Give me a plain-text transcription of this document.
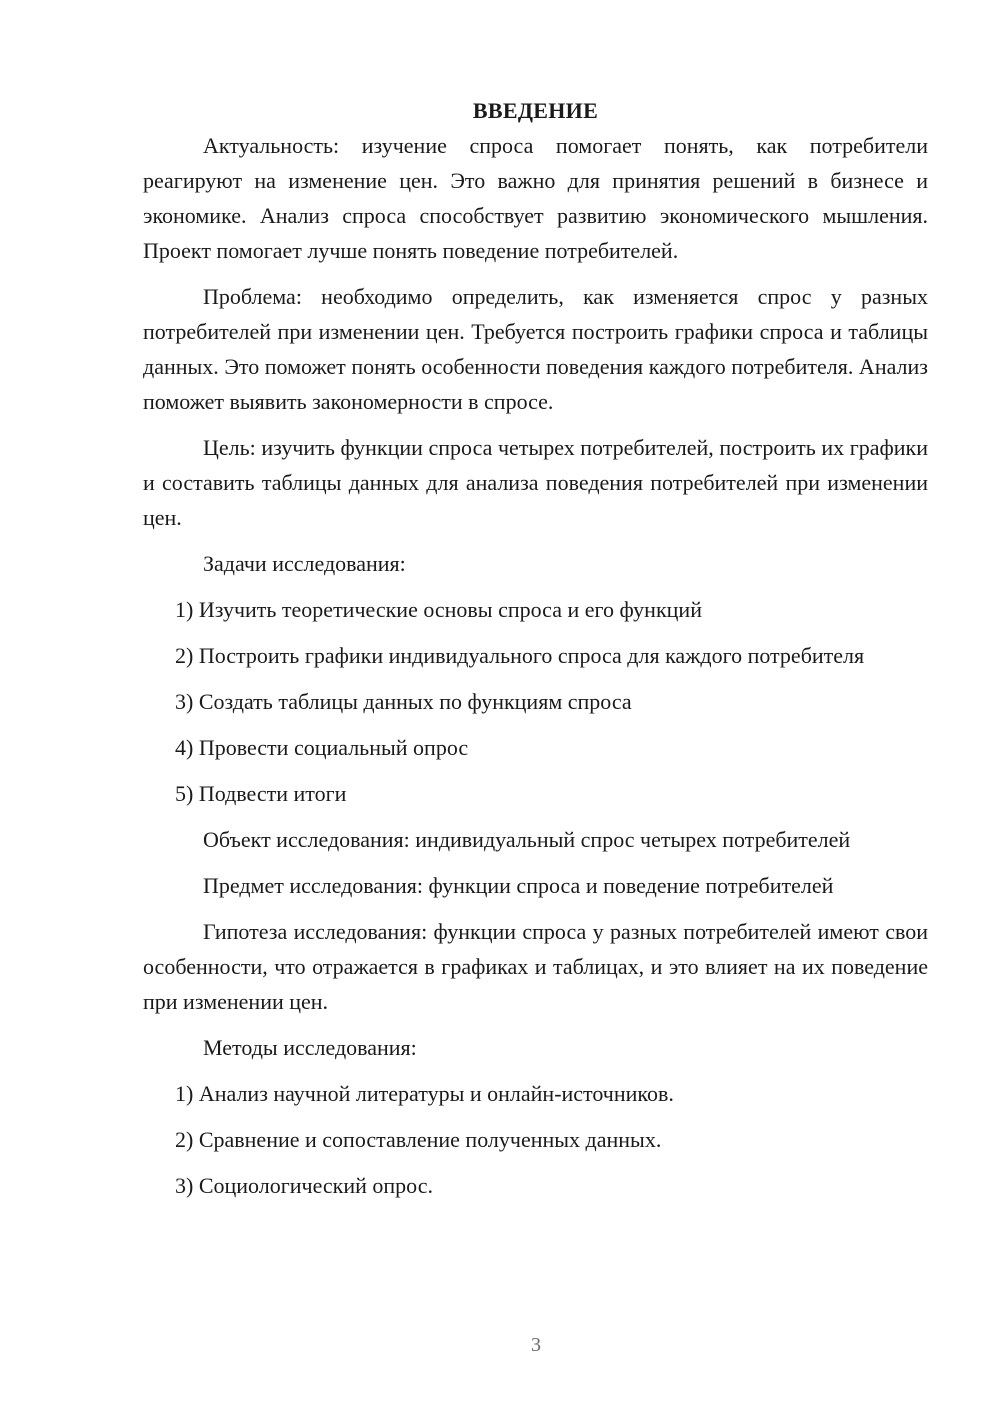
ВВЕДЕНИЕ

Актуальность: изучение спроса помогает понять, как потребители реагируют на изменение цен. Это важно для принятия решений в бизнесе и экономике. Анализ спроса способствует развитию экономического мышления. Проект помогает лучше понять поведение потребителей.

Проблема: необходимо определить, как изменяется спрос у разных потребителей при изменении цен. Требуется построить графики спроса и таблицы данных. Это поможет понять особенности поведения каждого потребителя. Анализ поможет выявить закономерности в спросе.

Цель: изучить функции спроса четырех потребителей, построить их графики и составить таблицы данных для анализа поведения потребителей при изменении цен.

Задачи исследования:

1) Изучить теоретические основы спроса и его функций

2) Построить графики индивидуального спроса для каждого потребителя

3) Создать таблицы данных по функциям спроса

4) Провести социальный опрос

5) Подвести итоги

Объект исследования: индивидуальный спрос четырех потребителей

Предмет исследования: функции спроса и поведение потребителей

Гипотеза исследования: функции спроса у разных потребителей имеют свои особенности, что отражается в графиках и таблицах, и это влияет на их поведение при изменении цен.

Методы исследования:

1) Анализ научной литературы и онлайн-источников.

2) Сравнение и сопоставление полученных данных.

3) Социологический опрос.

3
